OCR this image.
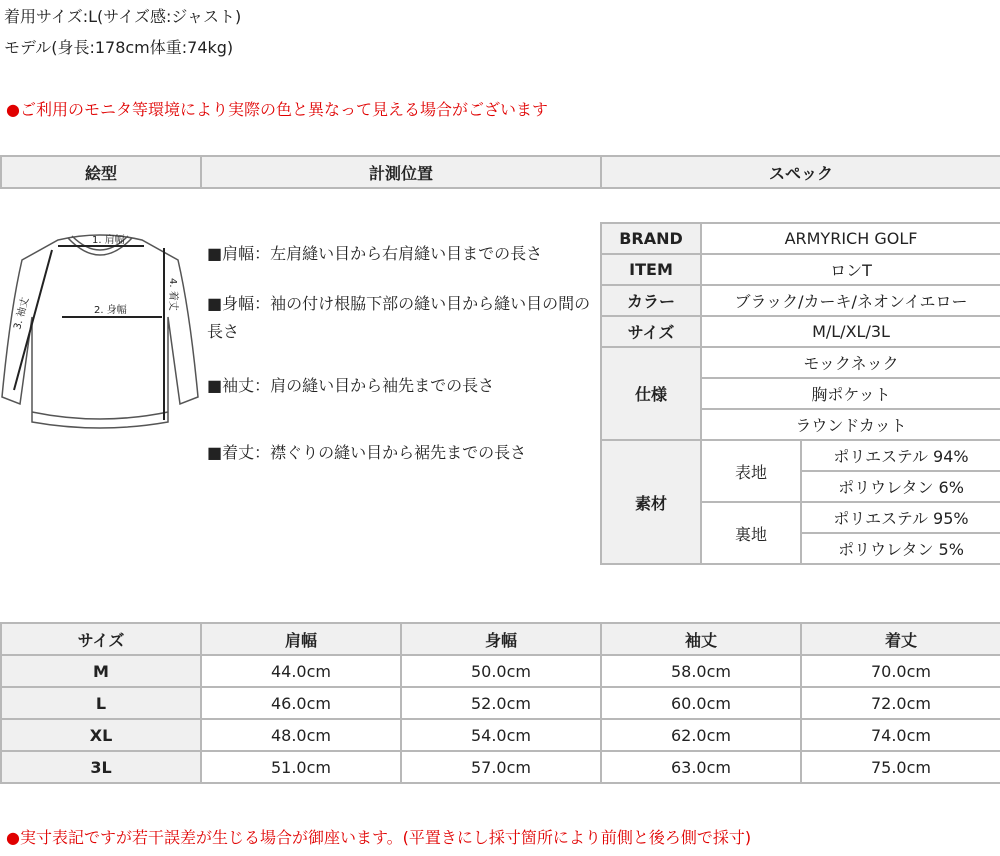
着用サイズ:L(サイズ感:ジャスト)
モデル(身長:178cm体重:74kg)
●ご利用のモニタ等環境により実際の色と異なって見える場合がございます
絵型	計測位置	スペック
1. 肩幅
2. 身幅	4. 着丈
3. 袖丈
■肩幅：左肩縫い目から右肩縫い目までの長さ
■身幅：袖の付け根脇下部の縫い目から縫い目の間の長さ
■袖丈：肩の縫い目から袖先までの長さ
■着丈：襟ぐりの縫い目から裾先までの長さ
BRAND	ARMYRICH GOLF	
ITEM	ロンT	
カラー	ブラック/カーキ/ネオンイエロー	
サイズ	M/L/XL/3L	
仕様	モックネック	
	胸ポケット	
	ラウンドカット	
素材	表地	ポリエステル 94%
		ポリウレタン 6%
	裏地	ポリエステル 95%
		ポリウレタン 5%
サイズ	肩幅	身幅	袖丈	着丈
M	44.0cm	50.0cm	58.0cm	70.0cm
L	46.0cm	52.0cm	60.0cm	72.0cm
XL	48.0cm	54.0cm	62.0cm	74.0cm
3L	51.0cm	57.0cm	63.0cm	75.0cm
●実寸表記ですが若干誤差が生じる場合が御座います。(平置きにし採寸箇所により前側と後ろ側で採寸)
